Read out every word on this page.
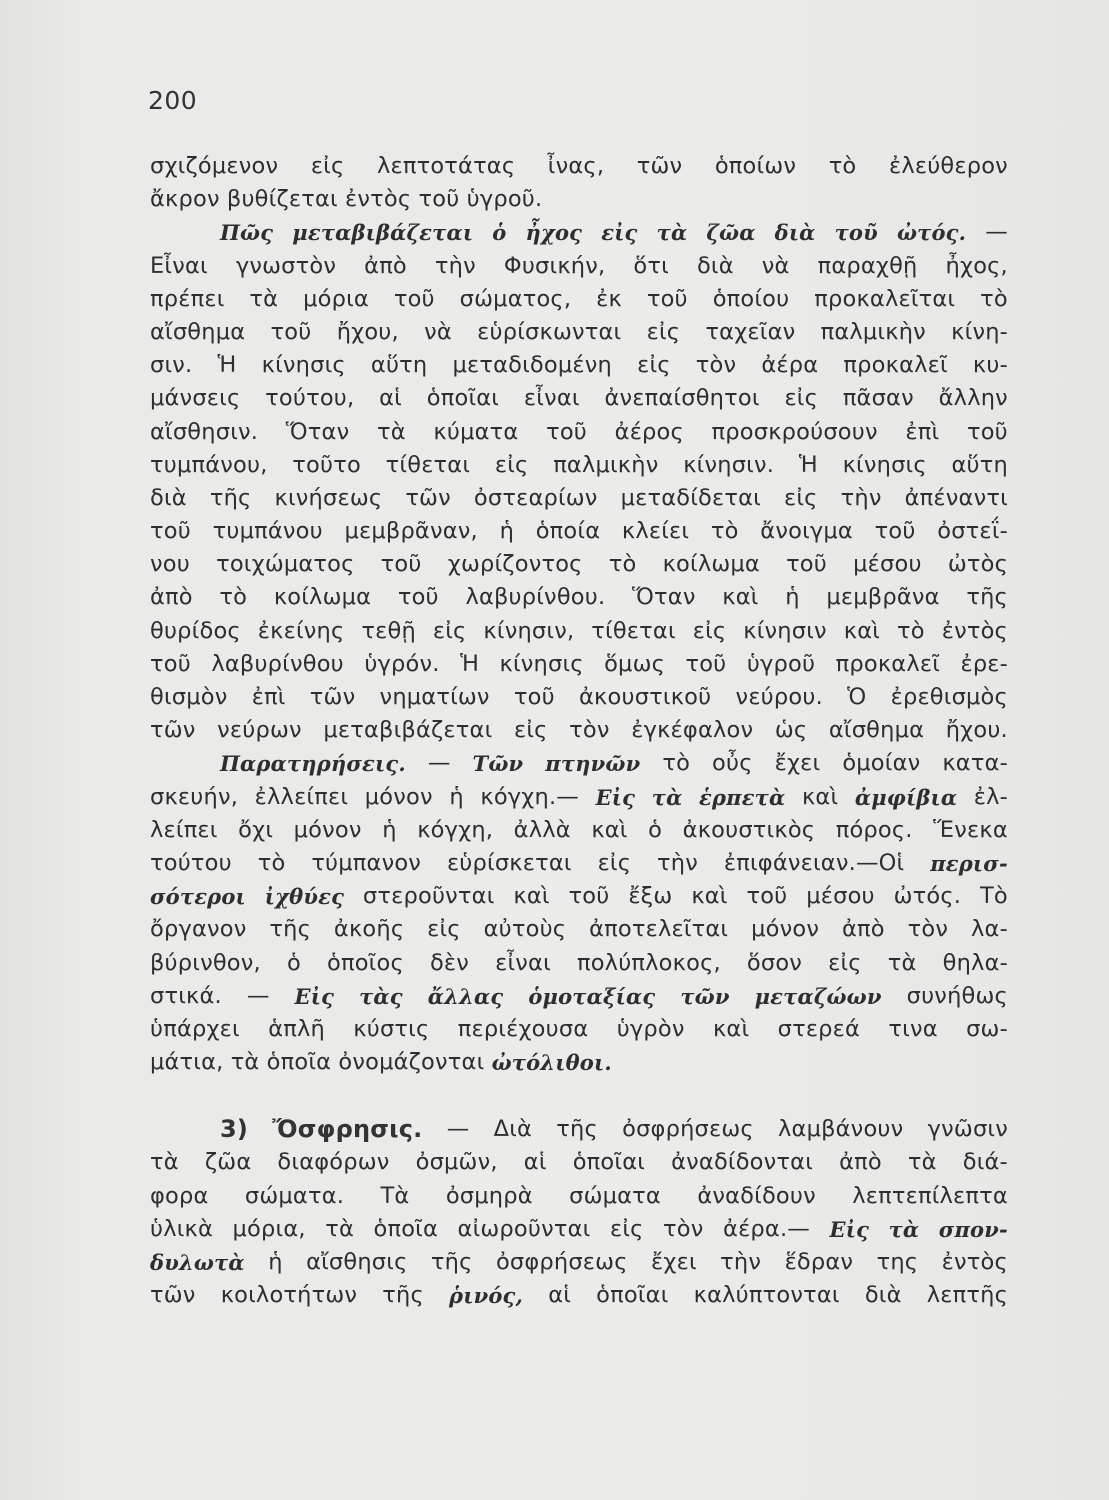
200
σχιζόμενον εἰς λεπτοτάτας ἶνας, τῶν ὁποίων τὸ ἐλεύθερον
ἄκρον βυθίζεται ἐντὸς τοῦ ὑγροῦ.
Πῶς μεταβιβάζεται ὁ ἦχος εἰς τὰ ζῶα διὰ τοῦ ὠτός. —
Εἶναι γνωστὸν ἀπὸ τὴν Φυσικήν, ὅτι διὰ νὰ παραχθῇ ἦχος,
πρέπει τὰ μόρια τοῦ σώματος, ἐκ τοῦ ὁποίου προκαλεῖται τὸ
αἴσθημα τοῦ ἤχου, νὰ εὑρίσκωνται εἰς ταχεῖαν παλμικὴν κίνη-
σιν. Ἡ κίνησις αὕτη μεταδιδομένη εἰς τὸν ἀέρα προκαλεῖ κυ-
μάνσεις τούτου, αἱ ὁποῖαι εἶναι ἀνεπαίσθητοι εἰς πᾶσαν ἄλλην
αἴσθησιν. Ὅταν τὰ κύματα τοῦ ἀέρος προσκρούσουν ἐπὶ τοῦ
τυμπάνου, τοῦτο τίθεται εἰς παλμικὴν κίνησιν. Ἡ κίνησις αὕτη
διὰ τῆς κινήσεως τῶν ὀστεαρίων μεταδίδεται εἰς τὴν ἀπέναντι
τοῦ τυμπάνου μεμβρᾶναν, ἡ ὁποία κλείει τὸ ἄνοιγμα τοῦ ὀστεΐ-
νου τοιχώματος τοῦ χωρίζοντος τὸ κοίλωμα τοῦ μέσου ὠτὸς
ἀπὸ τὸ κοίλωμα τοῦ λαβυρίνθου. Ὅταν καὶ ἡ μεμβρᾶνα τῆς
θυρίδος ἐκείνης τεθῇ εἰς κίνησιν, τίθεται εἰς κίνησιν καὶ τὸ ἐντὸς
τοῦ λαβυρίνθου ὑγρόν. Ἡ κίνησις ὅμως τοῦ ὑγροῦ προκαλεῖ ἐρε-
θισμὸν ἐπὶ τῶν νηματίων τοῦ ἀκουστικοῦ νεύρου. Ὁ ἐρεθισμὸς
τῶν νεύρων μεταβιβάζεται εἰς τὸν ἐγκέφαλον ὡς αἴσθημα ἤχου.
Παρατηρήσεις. — Τῶν πτηνῶν τὸ οὖς ἔχει ὁμοίαν κατα-
σκευήν, ἐλλείπει μόνον ἡ κόγχη.— Εἰς τὰ ἑρπετὰ καὶ ἀμφίβια ἐλ-
λείπει ὄχι μόνον ἡ κόγχη, ἀλλὰ καὶ ὁ ἀκουστικὸς πόρος. Ἕνεκα
τούτου τὸ τύμπανον εὑρίσκεται εἰς τὴν ἐπιφάνειαν.—Οἱ περισ-
σότεροι ἰχθύες στεροῦνται καὶ τοῦ ἔξω καὶ τοῦ μέσου ὠτός. Τὸ
ὄργανον τῆς ἀκοῆς εἰς αὐτοὺς ἀποτελεῖται μόνον ἀπὸ τὸν λα-
βύρινθον, ὁ ὁποῖος δὲν εἶναι πολύπλοκος, ὅσον εἰς τὰ θηλα-
στικά. — Εἰς τὰς ἄλλας ὁμοταξίας τῶν μεταζώων συνήθως
ὑπάρχει ἁπλῆ κύστις περιέχουσα ὑγρὸν καὶ στερεά τινα σω-
μάτια, τὰ ὁποῖα ὀνομάζονται ὠτόλιθοι.
3) Ὄσφρησις. — Διὰ τῆς ὀσφρήσεως λαμβάνουν γνῶσιν
τὰ ζῶα διαφόρων ὀσμῶν, αἱ ὁποῖαι ἀναδίδονται ἀπὸ τὰ διά-
φορα σώματα. Τὰ ὀσμηρὰ σώματα ἀναδίδουν λεπτεπίλεπτα
ὑλικὰ μόρια, τὰ ὁποῖα αἰωροῦνται εἰς τὸν ἀέρα.— Εἰς τὰ σπον-
δυλωτὰ ἡ αἴσθησις τῆς ὀσφρήσεως ἔχει τὴν ἕδραν της ἐντὸς
τῶν κοιλοτήτων τῆς ῥινός, αἱ ὁποῖαι καλύπτονται διὰ λεπτῆς
